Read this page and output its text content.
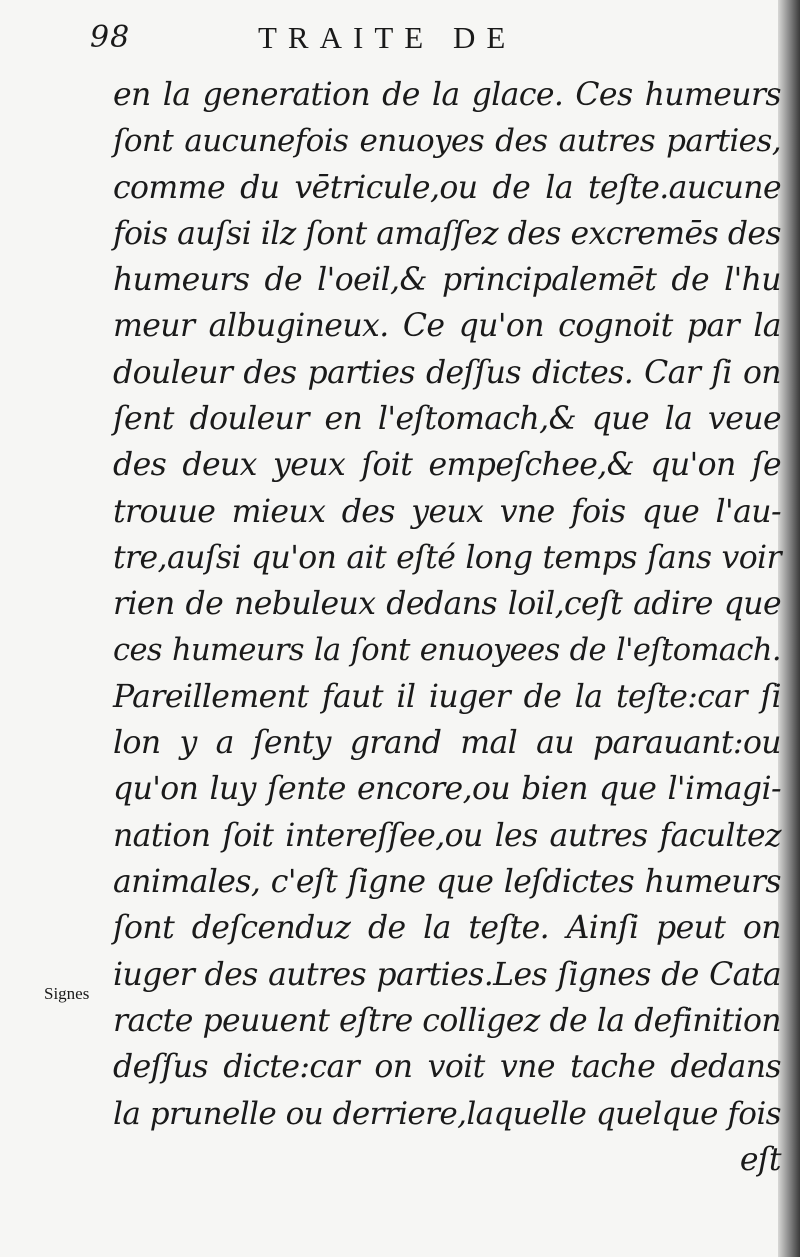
98	TRAITE DE
en la generation de la glace. Ces humeurs
ſont aucunefois enuoyes des autres parties,
comme du vētricule,ou de la teſte.aucune
fois auſsi ilz ſont amaſſez des excremēs des
humeurs de l'oeil,& principalemēt de l'hu
meur albugineux. Ce qu'on cognoit par la
douleur des parties deſſus dictes. Car ſi on
ſent douleur en l'eſtomach,& que la veue
des deux yeux ſoit empeſchee,& qu'on ſe
trouue mieux des yeux vne fois que l'au-
tre,auſsi qu'on ait eſté long temps ſans voir
rien de nebuleux dedans loil,ceſt adire que
ces humeurs la ſont enuoyees de l'eſtomach.
Pareillement faut il iuger de la teſte:car ſi
lon y a ſenty grand mal au parauant:ou
qu'on luy ſente encore,ou bien que l'imagi-
nation ſoit intereſſee,ou les autres facultez
animales, c'eſt ſigne que leſdictes humeurs
ſont deſcenduz de la teſte. Ainſi peut on
iuger des autres parties.Les ſignes de Cata
racte peuuent eſtre colligez de la definition
deſſus dicte:car on voit vne tache dedans
la prunelle ou derriere,laquelle quelque fois
eſt
Signes
